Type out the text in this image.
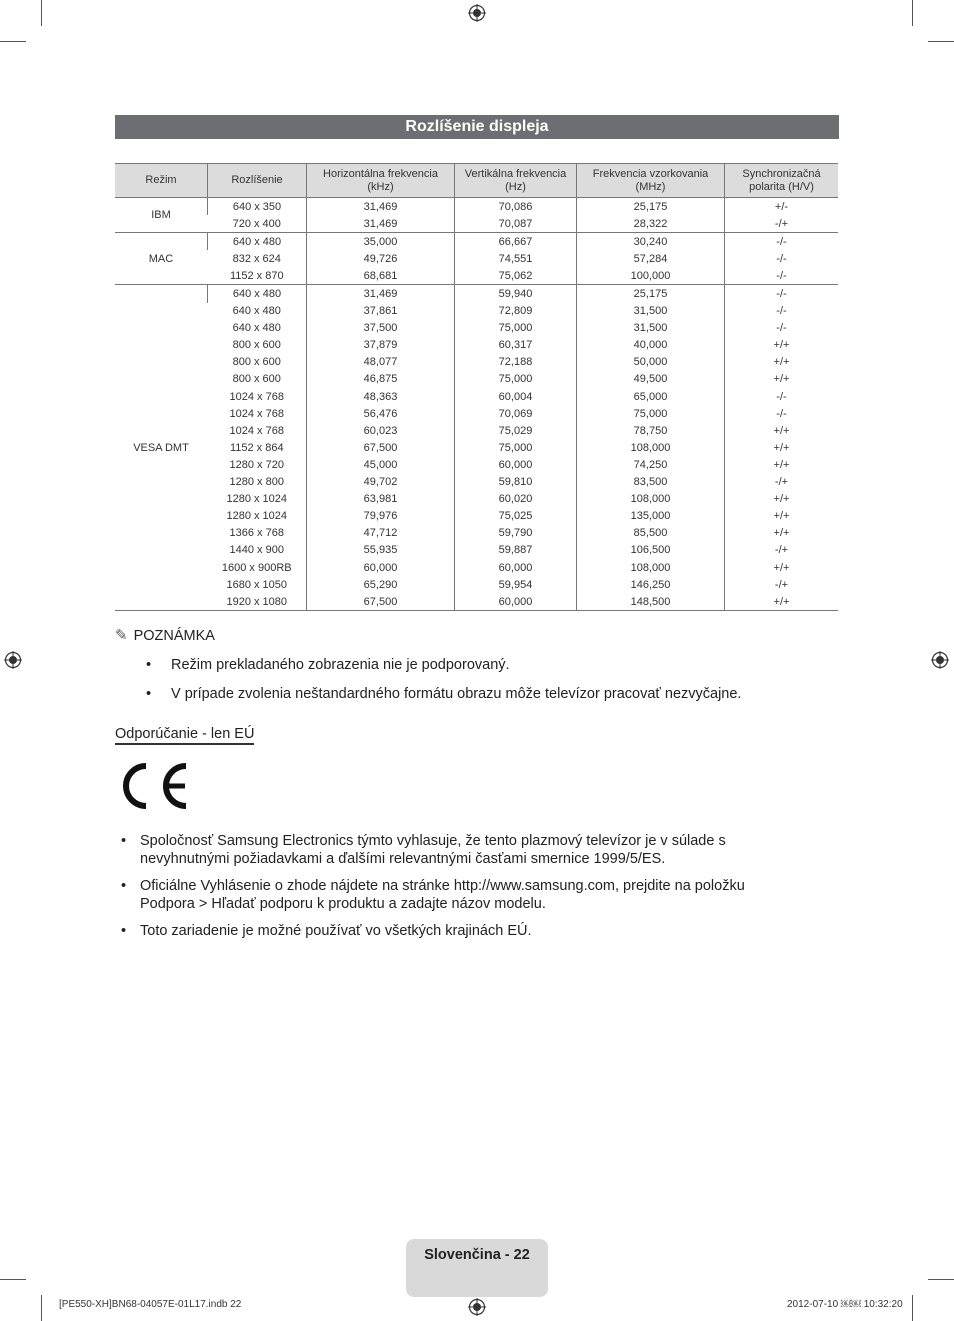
Rozlíšenie displeja
Režim	Rozlíšenie	Horizontálna frekvencia (kHz)	Vertikálna frekvencia (Hz)	Frekvencia vzorkovania (MHz)	Synchronizačná polarita (H/V)
IBM	640 x 350	31,469	70,086	25,175	+/-
	720 x 400	31,469	70,087	28,322	-/+
MAC	640 x 480	35,000	66,667	30,240	-/-
	832 x 624	49,726	74,551	57,284	-/-
	1152 x 870	68,681	75,062	100,000	-/-
VESA DMT	640 x 480	31,469	59,940	25,175	-/-
	640 x 480	37,861	72,809	31,500	-/-
	640 x 480	37,500	75,000	31,500	-/-
	800 x 600	37,879	60,317	40,000	+/+
	800 x 600	48,077	72,188	50,000	+/+
	800 x 600	46,875	75,000	49,500	+/+
	1024 x 768	48,363	60,004	65,000	-/-
	1024 x 768	56,476	70,069	75,000	-/-
	1024 x 768	60,023	75,029	78,750	+/+
	1152 x 864	67,500	75,000	108,000	+/+
	1280 x 720	45,000	60,000	74,250	+/+
	1280 x 800	49,702	59,810	83,500	-/+
	1280 x 1024	63,981	60,020	108,000	+/+
	1280 x 1024	79,976	75,025	135,000	+/+
	1366 x 768	47,712	59,790	85,500	+/+
	1440 x 900	55,935	59,887	106,500	-/+
	1600 x 900RB	60,000	60,000	108,000	+/+
	1680 x 1050	65,290	59,954	146,250	-/+
	1920 x 1080	67,500	60,000	148,500	+/+
✎ POZNÁMKA
• Režim prekladaného zobrazenia nie je podporovaný.
• V prípade zvolenia neštandardného formátu obrazu môže televízor pracovať nezvyčajne.
Odporúčanie - len EÚ
• Spoločnosť Samsung Electronics týmto vyhlasuje, že tento plazmový televízor je v súlade s
nevyhnutnými požiadavkami a ďalšími relevantnými časťami smernice 1999/5/ES.
• Oficiálne Vyhlásenie o zhode nájdete na stránke http://www.samsung.com, prejdite na položku
Podpora > Hľadať podporu k produktu a zadajte názov modelu.
• Toto zariadenie je možné používať vo všetkých krajinách EÚ.
Slovenčina - 22
[PE550-XH]BN68-04057E-01L17.indb 22	2012-07-10 ￼￼ 10:32:20
